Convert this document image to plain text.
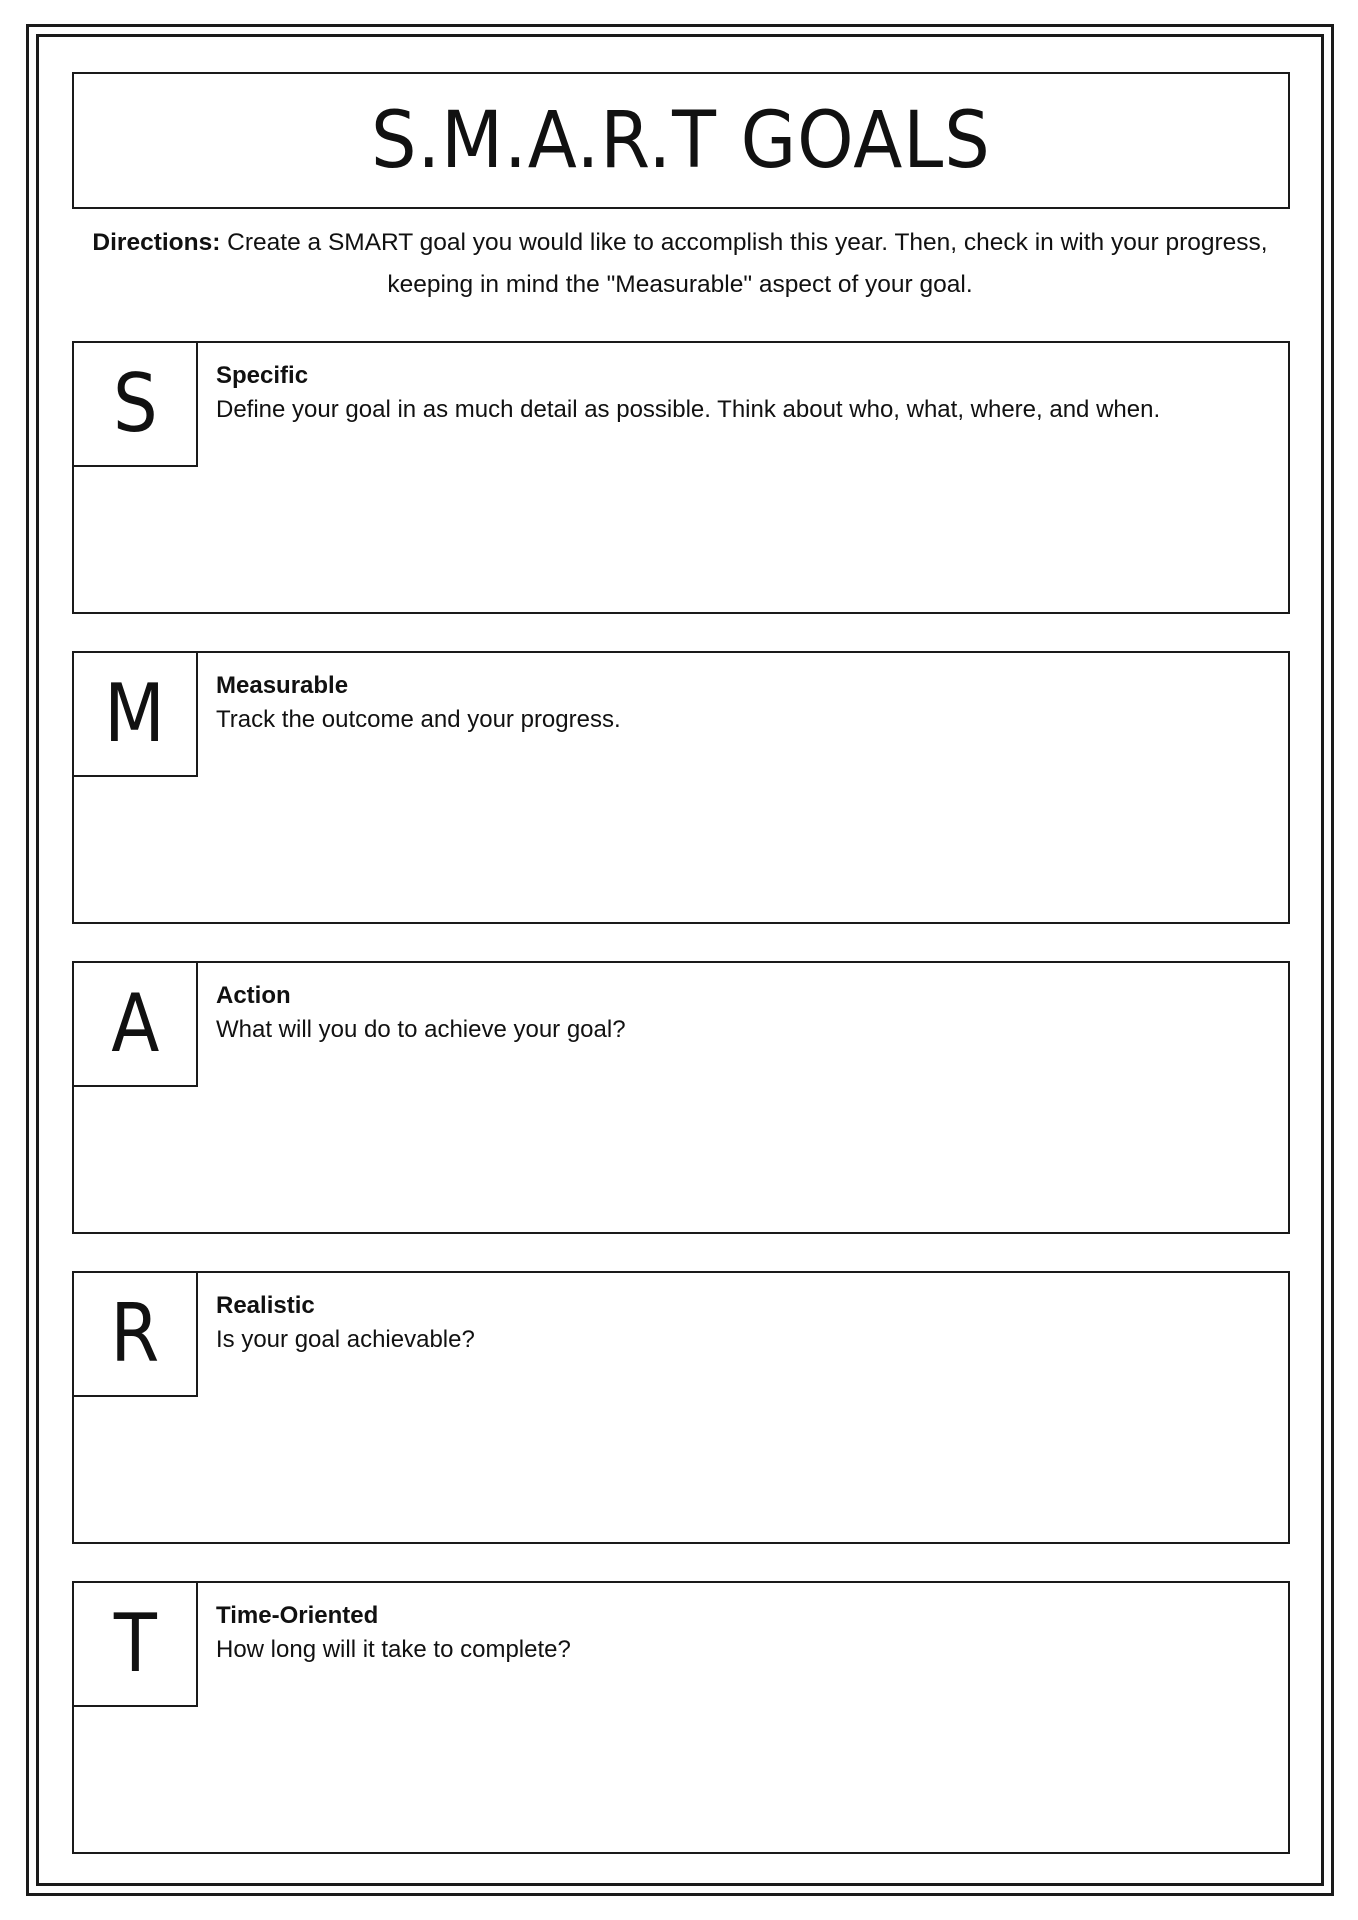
S.M.A.R.T GOALS
Directions: Create a SMART goal you would like to accomplish this year. Then, check in with your progress, keeping in mind the "Measurable" aspect of your goal.
S Specific
Define your goal in as much detail as possible. Think about who, what, where, and when.
M Measurable
Track the outcome and your progress.
A Action
What will you do to achieve your goal?
R Realistic
Is your goal achievable?
T Time-Oriented
How long will it take to complete?
